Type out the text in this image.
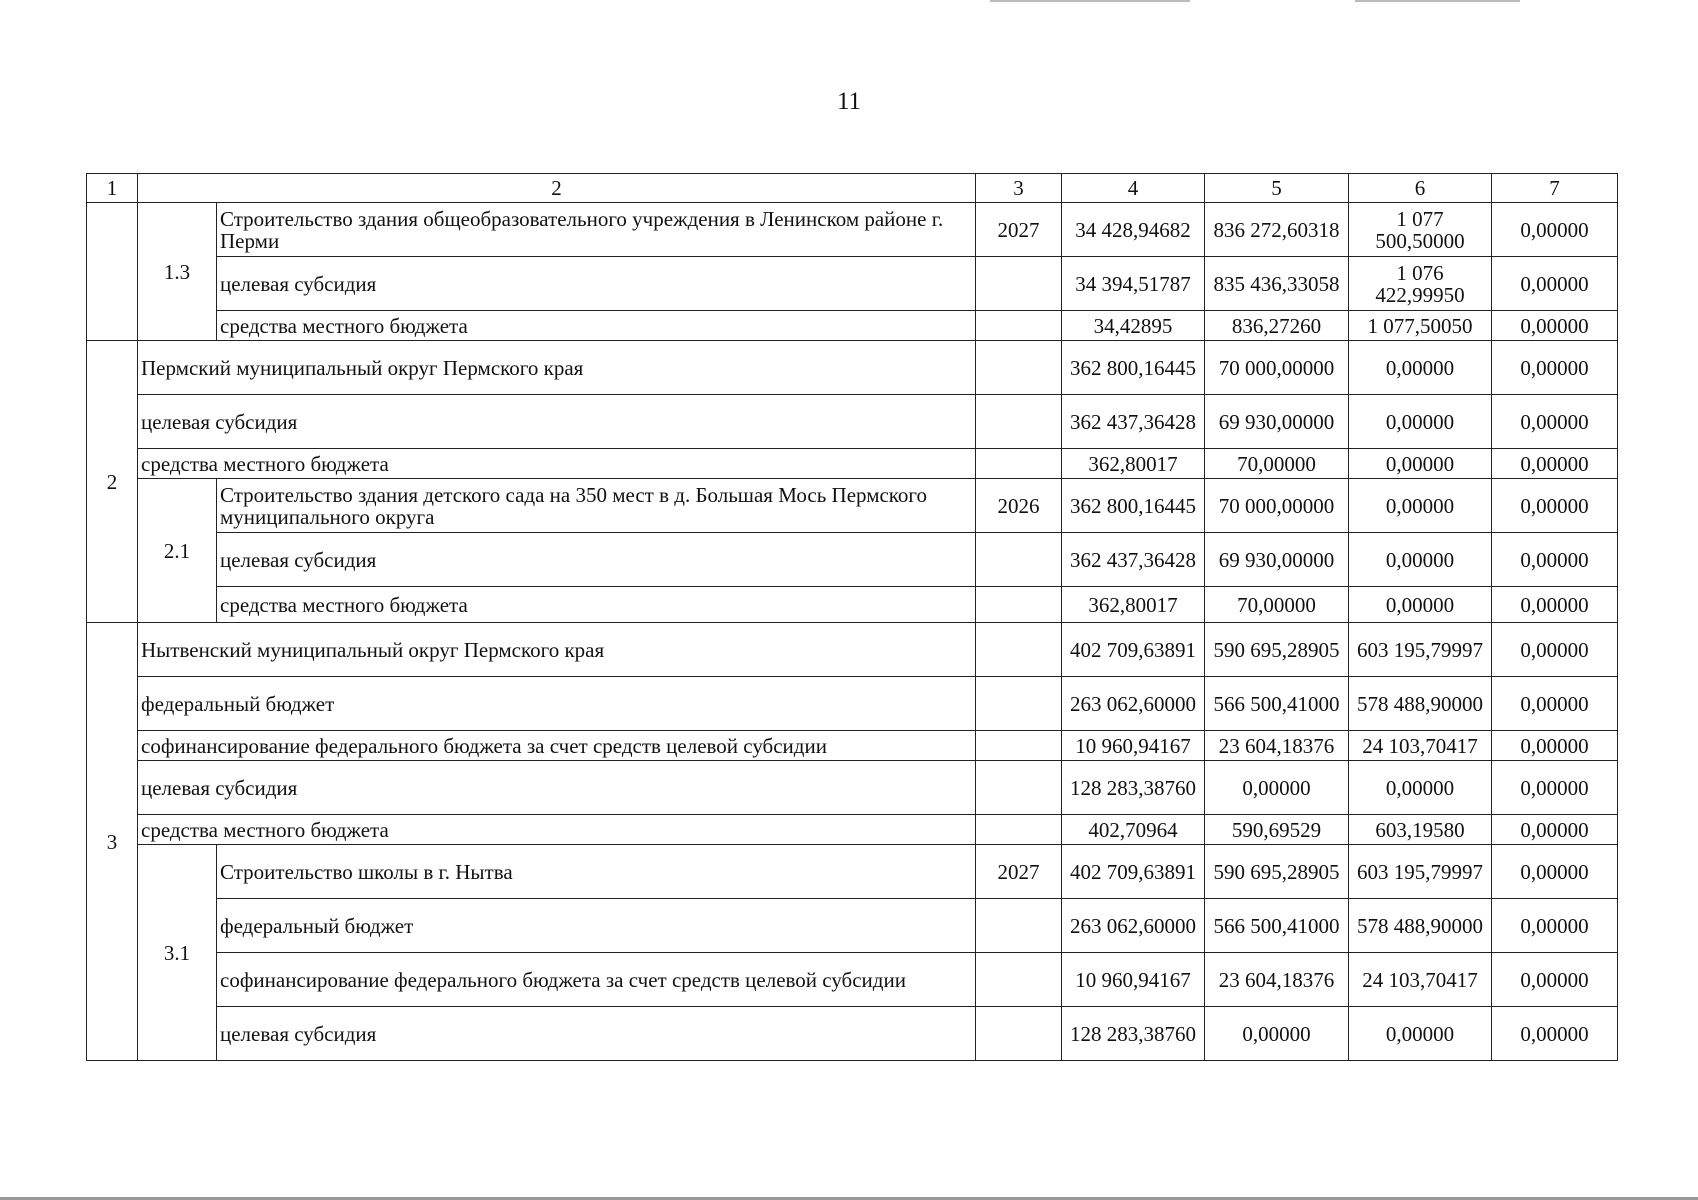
11
1	2		3	4	5	6	7
	1.3	Строительство здания общеобразовательного учреждения в Ленинском районе г. Перми	2027	34 428,94682	836 272,60318	1 077 500,50000	0,00000
		целевая субсидия		34 394,51787	835 436,33058	1 076 422,99950	0,00000
		средства местного бюджета		34,42895	836,27260	1 077,50050	0,00000
2	Пермский муниципальный округ Пермского края			362 800,16445	70 000,00000	0,00000	0,00000
	целевая субсидия			362 437,36428	69 930,00000	0,00000	0,00000
	средства местного бюджета			362,80017	70,00000	0,00000	0,00000
	2.1	Строительство здания детского сада на 350 мест в д. Большая Мось Пермского муниципального округа	2026	362 800,16445	70 000,00000	0,00000	0,00000
		целевая субсидия		362 437,36428	69 930,00000	0,00000	0,00000
		средства местного бюджета		362,80017	70,00000	0,00000	0,00000
3	Нытвенский муниципальный округ Пермского края			402 709,63891	590 695,28905	603 195,79997	0,00000
	федеральный бюджет			263 062,60000	566 500,41000	578 488,90000	0,00000
	софинансирование федерального бюджета за счет средств целевой субсидии			10 960,94167	23 604,18376	24 103,70417	0,00000
	целевая субсидия			128 283,38760	0,00000	0,00000	0,00000
	средства местного бюджета			402,70964	590,69529	603,19580	0,00000
	3.1	Строительство школы в г. Нытва	2027	402 709,63891	590 695,28905	603 195,79997	0,00000
		федеральный бюджет		263 062,60000	566 500,41000	578 488,90000	0,00000
		софинансирование федерального бюджета за счет средств целевой субсидии		10 960,94167	23 604,18376	24 103,70417	0,00000
		целевая субсидия		128 283,38760	0,00000	0,00000	0,00000
